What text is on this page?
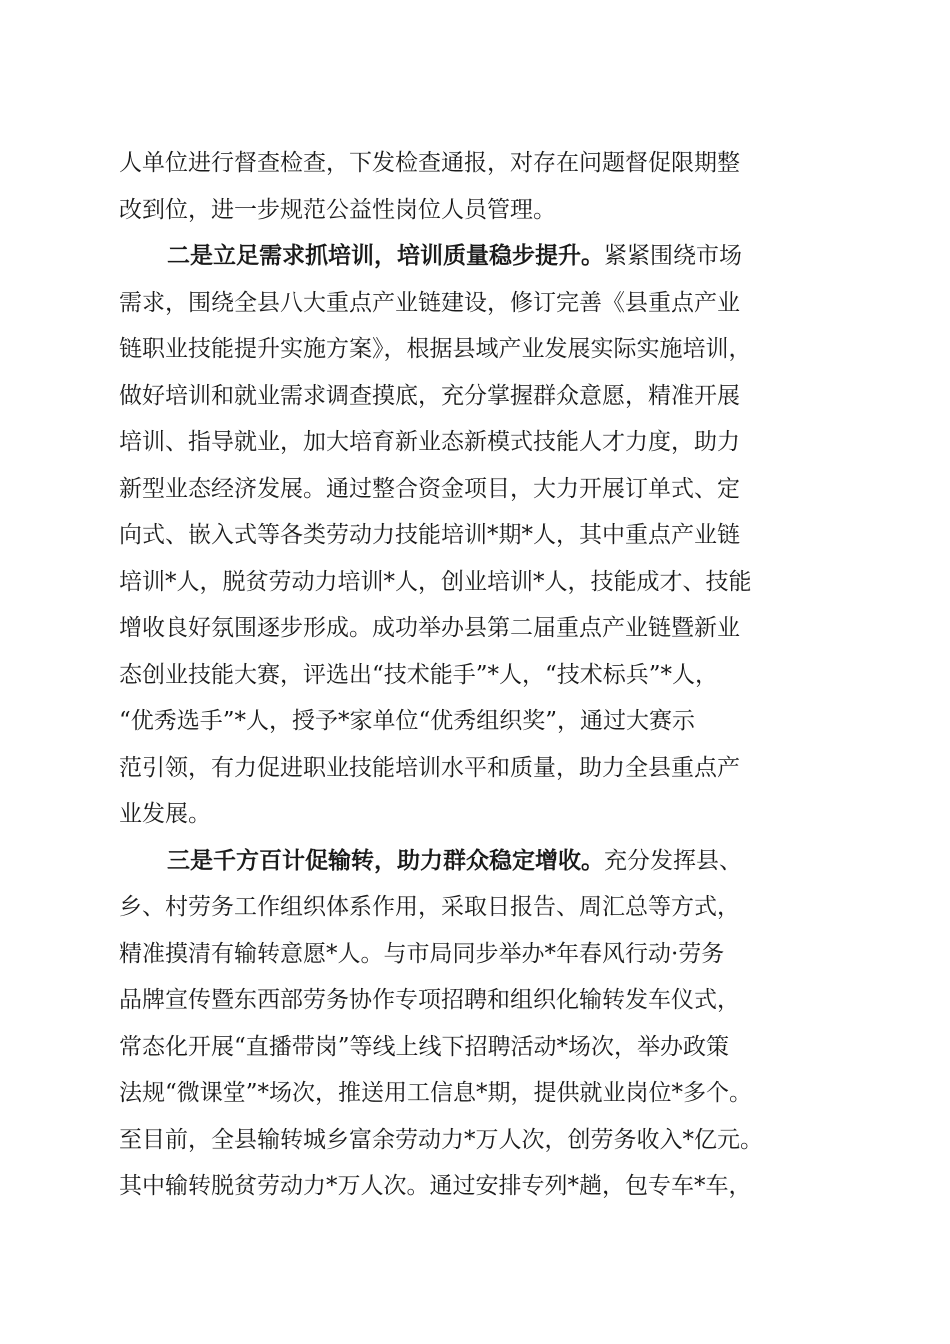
人单位进行督查检查，下发检查通报，对存在问题督促限期整
改到位，进一步规范公益性岗位人员管理。
二是立足需求抓培训，培训质量稳步提升。紧紧围绕市场
需求，围绕全县八大重点产业链建设，修订完善《县重点产业
链职业技能提升实施方案》，根据县域产业发展实际实施培训，
做好培训和就业需求调查摸底，充分掌握群众意愿，精准开展
培训、指导就业，加大培育新业态新模式技能人才力度，助力
新型业态经济发展。通过整合资金项目，大力开展订单式、定
向式、嵌入式等各类劳动力技能培训*期*人，其中重点产业链
培训*人，脱贫劳动力培训*人，创业培训*人，技能成才、技能
增收良好氛围逐步形成。成功举办县第二届重点产业链暨新业
态创业技能大赛，评选出“技术能手”*人，“技术标兵”*人，
“优秀选手”*人，授予*家单位“优秀组织奖”，通过大赛示
范引领，有力促进职业技能培训水平和质量，助力全县重点产
业发展。
三是千方百计促输转，助力群众稳定增收。充分发挥县、
乡、村劳务工作组织体系作用，采取日报告、周汇总等方式，
精准摸清有输转意愿*人。与市局同步举办*年春风行动·劳务
品牌宣传暨东西部劳务协作专项招聘和组织化输转发车仪式，
常态化开展“直播带岗”等线上线下招聘活动*场次，举办政策
法规“微课堂”*场次，推送用工信息*期，提供就业岗位*多个。
至目前，全县输转城乡富余劳动力*万人次，创劳务收入*亿元。
其中输转脱贫劳动力*万人次。通过安排专列*趟，包专车*车，
